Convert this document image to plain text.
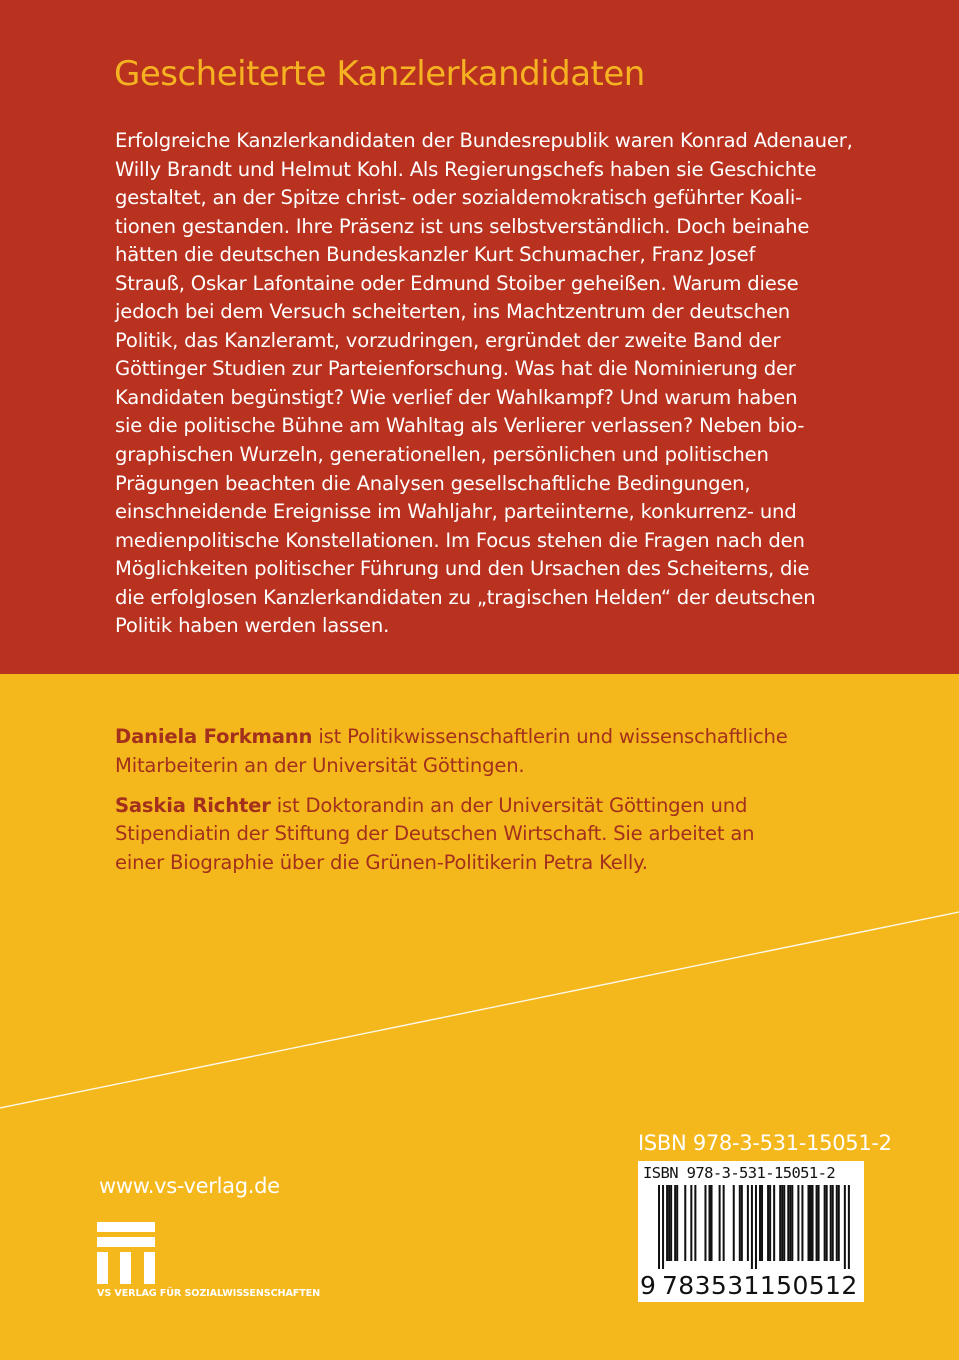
Gescheiterte Kanzlerkandidaten
Erfolgreiche Kanzlerkandidaten der Bundesrepublik waren Konrad Adenauer,
Willy Brandt und Helmut Kohl. Als Regierungschefs haben sie Geschichte
gestaltet, an der Spitze christ- oder sozialdemokratisch geführter Koali-
tionen gestanden. Ihre Präsenz ist uns selbstverständlich. Doch beinahe
hätten die deutschen Bundeskanzler Kurt Schumacher, Franz Josef
Strauß, Oskar Lafontaine oder Edmund Stoiber geheißen. Warum diese
jedoch bei dem Versuch scheiterten, ins Machtzentrum der deutschen
Politik, das Kanzleramt, vorzudringen, ergründet der zweite Band der
Göttinger Studien zur Parteienforschung. Was hat die Nominierung der
Kandidaten begünstigt? Wie verlief der Wahlkampf? Und warum haben
sie die politische Bühne am Wahltag als Verlierer verlassen? Neben bio-
graphischen Wurzeln, generationellen, persönlichen und politischen
Prägungen beachten die Analysen gesellschaftliche Bedingungen,
einschneidende Ereignisse im Wahljahr, parteiinterne, konkurrenz- und
medienpolitische Konstellationen. Im Focus stehen die Fragen nach den
Möglichkeiten politischer Führung und den Ursachen des Scheiterns, die
die erfolglosen Kanzlerkandidaten zu „tragischen Helden“ der deutschen
Politik haben werden lassen.

Daniela Forkmann ist Politikwissenschaftlerin und wissenschaftliche
Mitarbeiterin an der Universität Göttingen.

Saskia Richter ist Doktorandin an der Universität Göttingen und
Stipendiatin der Stiftung der Deutschen Wirtschaft. Sie arbeitet an
einer Biographie über die Grünen-Politikerin Petra Kelly.

ISBN 978-3-531-15051-2
ISBN 978-3-531-15051-2
9 783531150512
www.vs-verlag.de
VS VERLAG FÜR SOZIALWISSENSCHAFTEN
